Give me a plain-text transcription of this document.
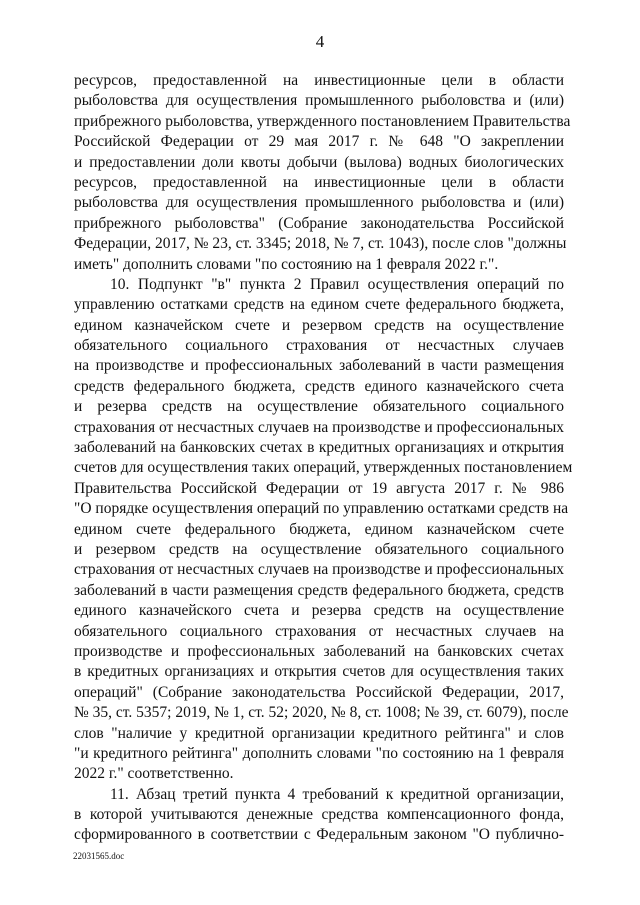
4
ресурсов, предоставленной на инвестиционные цели в области
рыболовства для осуществления промышленного рыболовства и (или)
прибрежного рыболовства, утвержденного постановлением Правительства
Российской Федерации от 29 мая 2017 г. № 648 "О закреплении
и предоставлении доли квоты добычи (вылова) водных биологических
ресурсов, предоставленной на инвестиционные цели в области
рыболовства для осуществления промышленного рыболовства и (или)
прибрежного рыболовства" (Собрание законодательства Российской
Федерации, 2017, № 23, ст. 3345; 2018, № 7, ст. 1043), после слов "должны
иметь" дополнить словами "по состоянию на 1 февраля 2022 г.".
10. Подпункт "в" пункта 2 Правил осуществления операций по
управлению остатками средств на едином счете федерального бюджета,
едином казначейском счете и резервом средств на осуществление
обязательного социального страхования от несчастных случаев
на производстве и профессиональных заболеваний в части размещения
средств федерального бюджета, средств единого казначейского счета
и резерва средств на осуществление обязательного социального
страхования от несчастных случаев на производстве и профессиональных
заболеваний на банковских счетах в кредитных организациях и открытия
счетов для осуществления таких операций, утвержденных постановлением
Правительства Российской Федерации от 19 августа 2017 г. № 986
"О порядке осуществления операций по управлению остатками средств на
едином счете федерального бюджета, едином казначейском счете
и резервом средств на осуществление обязательного социального
страхования от несчастных случаев на производстве и профессиональных
заболеваний в части размещения средств федерального бюджета, средств
единого казначейского счета и резерва средств на осуществление
обязательного социального страхования от несчастных случаев на
производстве и профессиональных заболеваний на банковских счетах
в кредитных организациях и открытия счетов для осуществления таких
операций" (Собрание законодательства Российской Федерации, 2017,
№ 35, ст. 5357; 2019, № 1, ст. 52; 2020, № 8, ст. 1008; № 39, ст. 6079), после
слов "наличие у кредитной организации кредитного рейтинга" и слов
"и кредитного рейтинга" дополнить словами "по состоянию на 1 февраля
2022 г." соответственно.
11. Абзац третий пункта 4 требований к кредитной организации,
в которой учитываются денежные средства компенсационного фонда,
сформированного в соответствии с Федеральным законом "О публично-
22031565.doc
